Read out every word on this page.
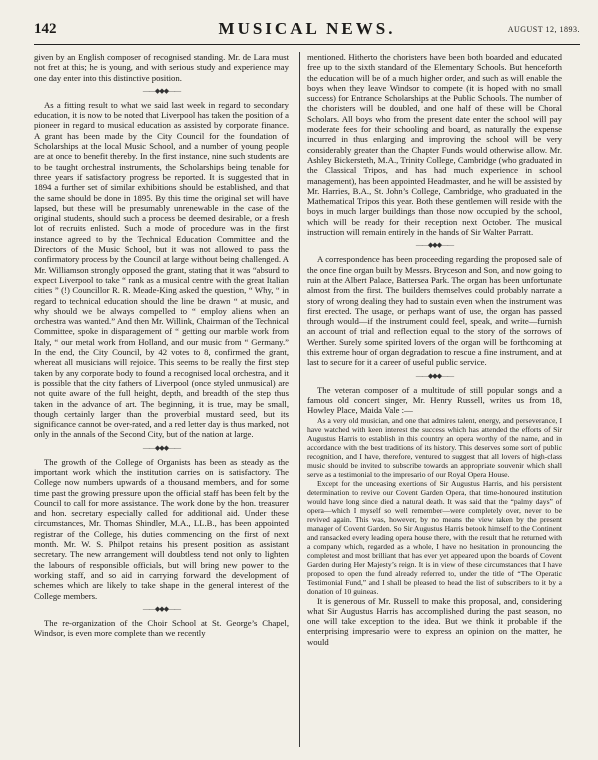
142	MUSICAL NEWS.	AUGUST 12, 1893.

given by an English composer of recognised standing. Mr. de Lara must not fret at this; he is young, and with serious study and experience may one day enter into this distinctive position.

——◆◆◆——

As a fitting result to what we said last week in regard to secondary education, it is now to be noted that Liverpool has taken the position of a pioneer in regard to musical education as assisted by corporate finance. A grant has been made by the City Council for the foundation of Scholarships at the local Music School, and a number of young people are at once to benefit thereby. In the first instance, nine such students are to be taught orchestral instruments, the Scholarships being tenable for three years if satisfactory progress be reported. It is suggested that in 1894 a further set of similar exhibitions should be established, and that the same should be done in 1895. By this time the original set will have lapsed, but these will be presumably unrenewable in the case of the original students, should such a process be deemed desirable, or a fresh lot of recruits enlisted. Such a mode of procedure was in the first instance agreed to by the Technical Education Committee and the Directors of the Music School, but it was not allowed to pass the confirmatory process by the Council at large without being challenged. A Mr. Williamson strongly opposed the grant, stating that it was “absurd to expect Liverpool to take “ rank as a musical centre with the great Italian cities ” (!) Councillor R. R. Meade-King asked the question, “ Why, “ in regard to technical education should the line be drawn “ at music, and why should we be always compelled to “ employ aliens when an orchestra was wanted.” And then Mr. Willink, Chairman of the Technical Committee, spoke in disparagement of “ getting our marble work from Italy, “ our metal work from Holland, and our music from “ Germany.” In the end, the City Council, by 42 votes to 8, confirmed the grant, whereat all musicians will rejoice. This seems to be really the first step taken by any corporate body to found a recognised local orchestra, and it is possible that the city fathers of Liverpool (once styled unmusical) are not quite aware of the full height, depth, and breadth of the step thus taken in the advance of art. The beginning, it is true, may be small, though certainly larger than the proverbial mustard seed, but its significance cannot be over-rated, and a red letter day is thus marked, not only in the annals of the Second City, but of the nation at large.

——◆◆◆——

The growth of the College of Organists has been as steady as the important work which the institution carries on is satisfactory. The College now numbers upwards of a thousand members, and for some time past the growing pressure upon the official staff has been felt by the Council to call for more assistance. The work done by the hon. treasurer and hon. secretary especially called for additional aid. Under these circumstances, Mr. Thomas Shindler, M.A., LL.B., has been appointed registrar of the College, his duties commencing on the first of next month. Mr. W. S. Philpot retains his present position as assistant secretary. The new arrangement will doubtless tend not only to lighten the labours of responsible officials, but will bring new power to the working staff, and so aid in carrying forward the development of schemes which are likely to take shape in the general interest of the College members.

——◆◆◆——

The re-organization of the Choir School at St. George’s Chapel, Windsor, is even more complete than we recently

mentioned. Hitherto the choristers have been both boarded and educated free up to the sixth standard of the Elementary Schools. But henceforth the education will be of a much higher order, and such as will enable the boys when they leave Windsor to compete (it is hoped with no small success) for Entrance Scholarships at the Public Schools. The number of the choristers will be doubled, and one half of these will be Choral Scholars. All boys who from the present date enter the school will pay moderate fees for their schooling and board, as naturally the expense incurred in thus enlarging and improving the school will be very considerably greater than the Chapter Funds would otherwise allow. Mr. Ashley Bickersteth, M.A., Trinity College, Cambridge (who graduated in the Classical Tripos, and has had much experience in school management), has been appointed Headmaster, and he will be assisted by Mr. Harries, B.A., St. John’s College, Cambridge, who graduated in the Mathematical Tripos this year. Both these gentlemen will reside with the boys in much larger buildings than those now occupied by the school, which will be ready for their reception next October. The musical instruction will remain entirely in the hands of Sir Walter Parratt.

——◆◆◆——

A correspondence has been proceeding regarding the proposed sale of the once fine organ built by Messrs. Bryceson and Son, and now going to ruin at the Albert Palace, Battersea Park. The organ has been unfortunate almost from the first. The builders themselves could probably narrate a story of wrong dealing they had to sustain even when the instrument was first erected. The usage, or perhaps want of use, the organ has passed through would—if the instrument could feel, speak, and write—furnish an account of trial and reflection equal to the story of the sorrows of Werther. Surely some spirited lovers of the organ will be forthcoming at this extreme hour of organ degradation to rescue a fine instrument, and at last to secure for it a career of useful public service.

——◆◆◆——

The veteran composer of a multitude of still popular songs and a famous old concert singer, Mr. Henry Russell, writes us from 18, Howley Place, Maida Vale :—

As a very old musician, and one that admires talent, energy, and perseverance, I have watched with keen interest the success which has attended the efforts of Sir Augustus Harris to establish in this country an opera worthy of the name, and in accordance with the best traditions of its history. This deserves some sort of public recognition, and I have, therefore, ventured to suggest that all lovers of high-class music should be invited to subscribe towards an appropriate souvenir which shall serve as a testimonial to the impresario of our Royal Opera House.

Except for the unceasing exertions of Sir Augustus Harris, and his persistent determination to revive our Covent Garden Opera, that time-honoured institution would have long since died a natural death. It was said that the “palmy days” of opera—which I myself so well remember—were completely over, never to be revived again. This was, however, by no means the view taken by the present manager of Covent Garden. So Sir Augustus Harris betook himself to the Continent and ransacked every leading opera house there, with the result that he returned with a company which, regarded as a whole, I have no hesitation in pronouncing the completest and most brilliant that has ever yet appeared upon the boards of Covent Garden during Her Majesty’s reign. It is in view of these circumstances that I have proposed to open the fund already referred to, under the title of “The Operatic Testimonial Fund,” and I shall be pleased to head the list of subscribers to it by a donation of 10 guineas.

It is generous of Mr. Russell to make this proposal, and, considering what Sir Augustus Harris has accomplished during the past season, no one will take exception to the idea. But we think it probable if the enterprising impresario were to express an opinion on the matter, he would
